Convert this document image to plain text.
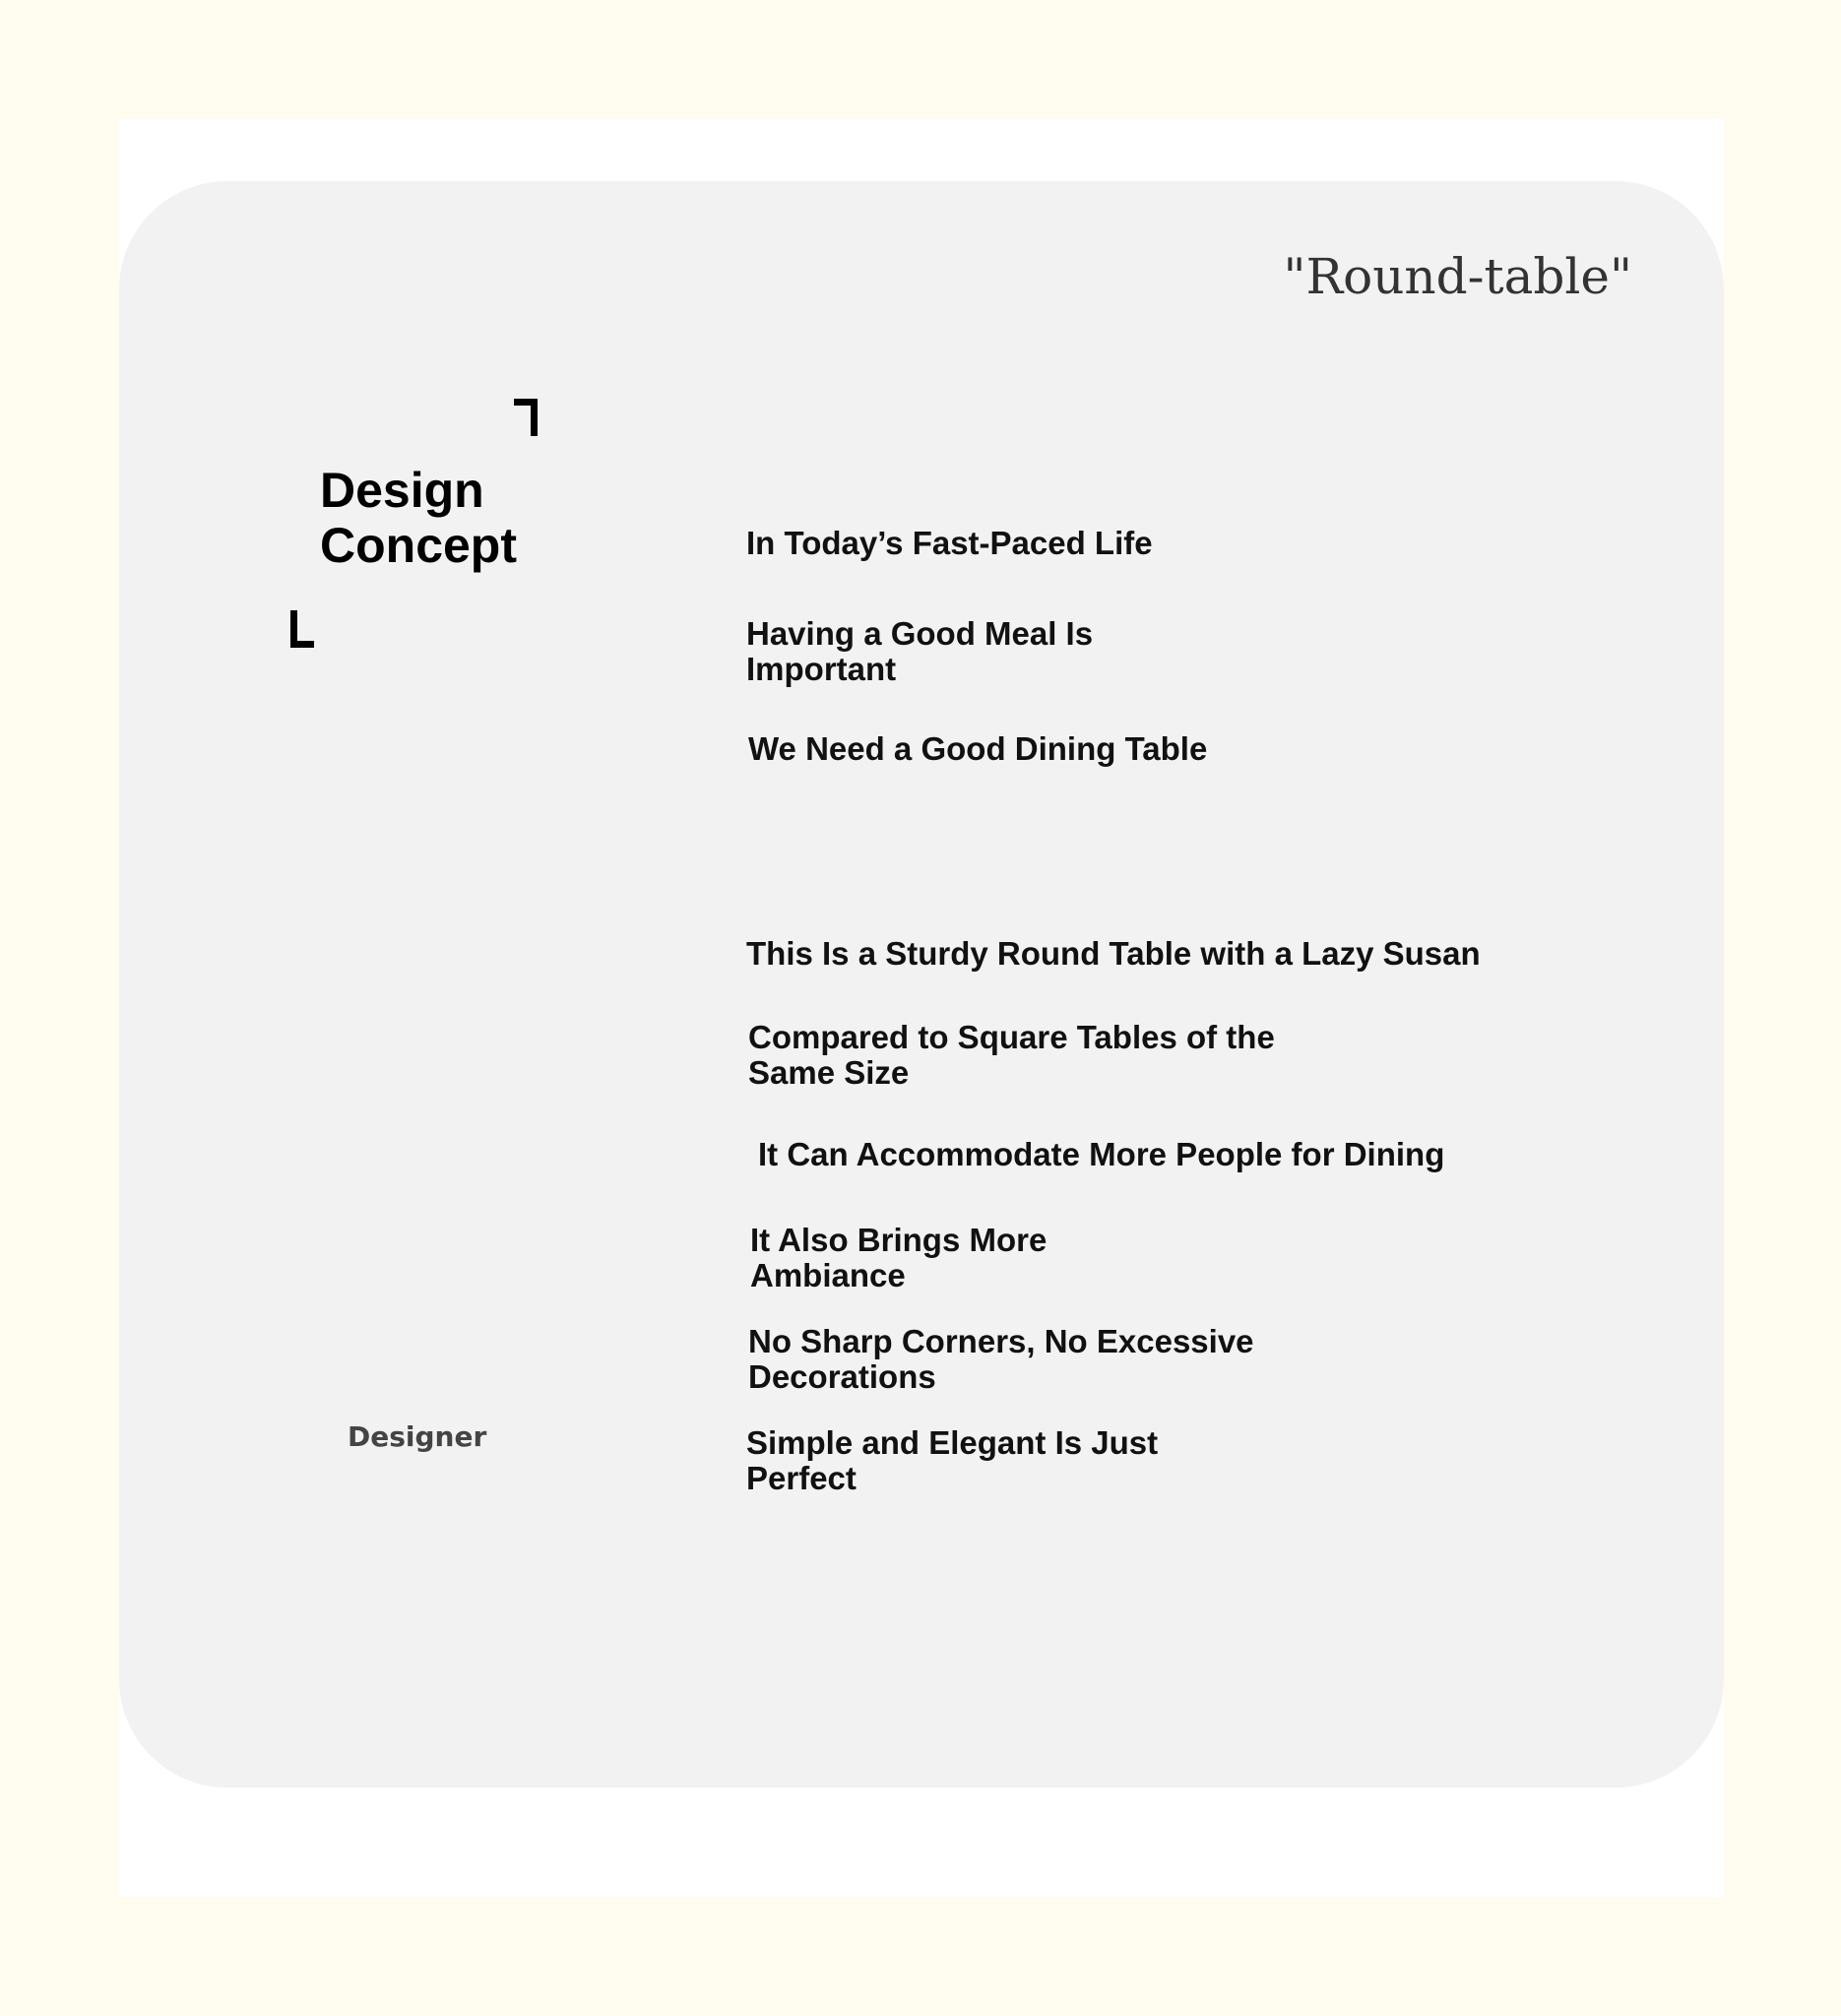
"Round-table"
Design
Concept
Designer

In Today’s Fast-Paced Life

Having a Good Meal Is Important

We Need a Good Dining Table

This Is a Sturdy Round Table with a Lazy Susan

Compared to Square Tables of the Same Size

It Can Accommodate More People for Dining

It Also Brings More Ambiance

No Sharp Corners, No Excessive Decorations

Simple and Elegant Is Just Perfect
